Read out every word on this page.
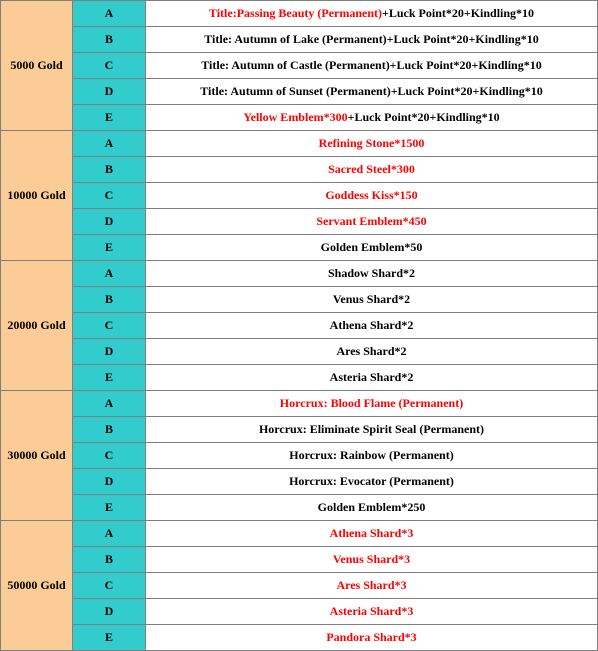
5000 Gold	A	Title:Passing Beauty (Permanent)+Luck Point*20+Kindling*10
	B	Title: Autumn of Lake (Permanent)+Luck Point*20+Kindling*10
	C	Title: Autumn of Castle (Permanent)+Luck Point*20+Kindling*10
	D	Title: Autumn of Sunset (Permanent)+Luck Point*20+Kindling*10
	E	Yellow Emblem*300+Luck Point*20+Kindling*10
10000 Gold	A	Refining Stone*1500
	B	Sacred Steel*300
	C	Goddess Kiss*150
	D	Servant Emblem*450
	E	Golden Emblem*50
20000 Gold	A	Shadow Shard*2
	B	Venus Shard*2
	C	Athena Shard*2
	D	Ares Shard*2
	E	Asteria Shard*2
30000 Gold	A	Horcrux: Blood Flame (Permanent)
	B	Horcrux: Eliminate Spirit Seal (Permanent)
	C	Horcrux: Rainbow (Permanent)
	D	Horcrux: Evocator (Permanent)
	E	Golden Emblem*250
50000 Gold	A	Athena Shard*3
	B	Venus Shard*3
	C	Ares Shard*3
	D	Asteria Shard*3
	E	Pandora Shard*3
